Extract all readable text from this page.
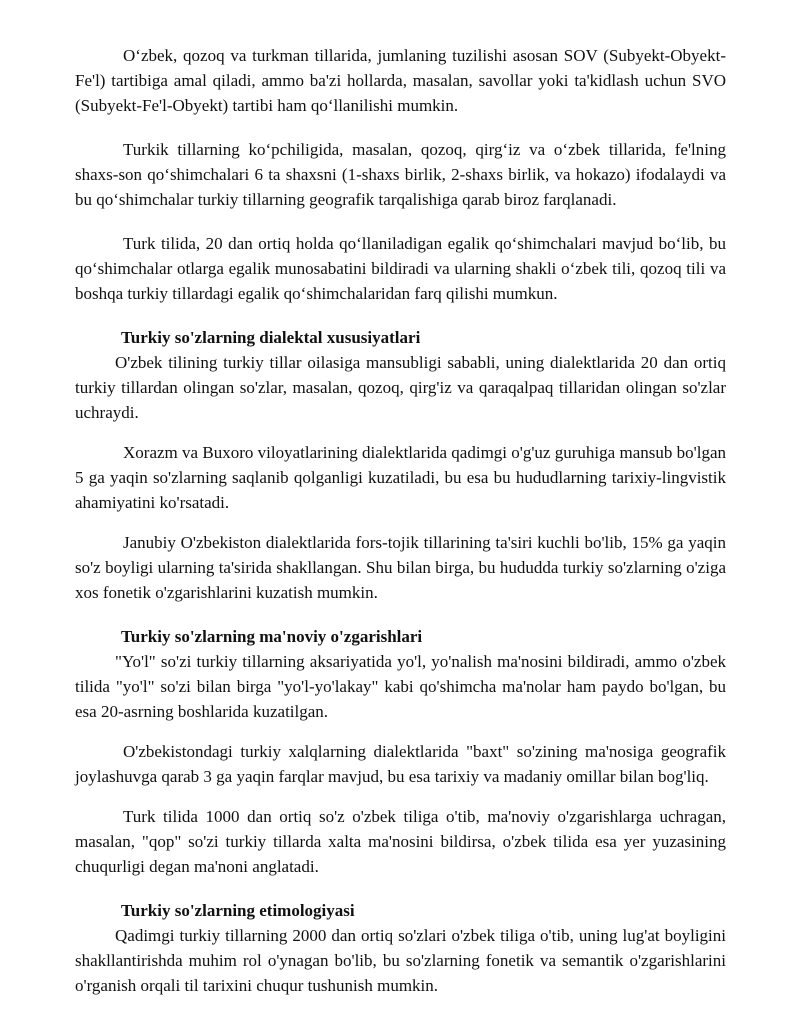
O‘zbek, qozoq va turkman tillarida, jumlaning tuzilishi asosan SOV (Subyekt-Obyekt-Fe'l) tartibiga amal qiladi, ammo ba'zi hollarda, masalan, savollar yoki ta'kidlash uchun SVO (Subyekt-Fe'l-Obyekt) tartibi ham qo‘llanilishi mumkin.

Turkik tillarning ko‘pchiligida, masalan, qozoq, qirg‘iz va o‘zbek tillarida, fe'lning shaxs-son qo‘shimchalari 6 ta shaxsni (1-shaxs birlik, 2-shaxs birlik, va hokazo) ifodalaydi va bu qo‘shimchalar turkiy tillarning geografik tarqalishiga qarab biroz farqlanadi.

Turk tilida, 20 dan ortiq holda qo‘llaniladigan egalik qo‘shimchalari mavjud bo‘lib, bu qo‘shimchalar otlarga egalik munosabatini bildiradi va ularning shakli o‘zbek tili, qozoq tili va boshqa turkiy tillardagi egalik qo‘shimchalaridan farq qilishi mumkun.

Turkiy so'zlarning dialektal xususiyatlari

O'zbek tilining turkiy tillar oilasiga mansubligi sababli, uning dialektlarida 20 dan ortiq turkiy tillardan olingan so'zlar, masalan, qozoq, qirg'iz va qaraqalpaq tillaridan olingan so'zlar uchraydi.

Xorazm va Buxoro viloyatlarining dialektlarida qadimgi o'g'uz guruhiga mansub bo'lgan 5 ga yaqin so'zlarning saqlanib qolganligi kuzatiladi, bu esa bu hududlarning tarixiy-lingvistik ahamiyatini ko'rsatadi.

Janubiy O'zbekiston dialektlarida fors-tojik tillarining ta'siri kuchli bo'lib, 15% ga yaqin so'z boyligi ularning ta'sirida shakllangan. Shu bilan birga, bu hududda turkiy so'zlarning o'ziga xos fonetik o'zgarishlarini kuzatish mumkin.

Turkiy so'zlarning ma'noviy o'zgarishlari

"Yo'l" so'zi turkiy tillarning aksariyatida yo'l, yo'nalish ma'nosini bildiradi, ammo o'zbek tilida "yo'l" so'zi bilan birga "yo'l-yo'lakay" kabi qo'shimcha ma'nolar ham paydo bo'lgan, bu esa 20-asrning boshlarida kuzatilgan.

O'zbekistondagi turkiy xalqlarning dialektlarida "baxt" so'zining ma'nosiga geografik joylashuvga qarab 3 ga yaqin farqlar mavjud, bu esa tarixiy va madaniy omillar bilan bog'liq.

Turk tilida 1000 dan ortiq so'z o'zbek tiliga o'tib, ma'noviy o'zgarishlarga uchragan, masalan, "qop" so'zi turkiy tillarda xalta ma'nosini bildirsa, o'zbek tilida esa yer yuzasining chuqurligi degan ma'noni anglatadi.

Turkiy so'zlarning etimologiyasi

Qadimgi turkiy tillarning 2000 dan ortiq so'zlari o'zbek tiliga o'tib, uning lug'at boyligini shakllantirishda muhim rol o'ynagan bo'lib, bu so'zlarning fonetik va semantik o'zgarishlarini o'rganish orqali til tarixini chuqur tushunish mumkin.
